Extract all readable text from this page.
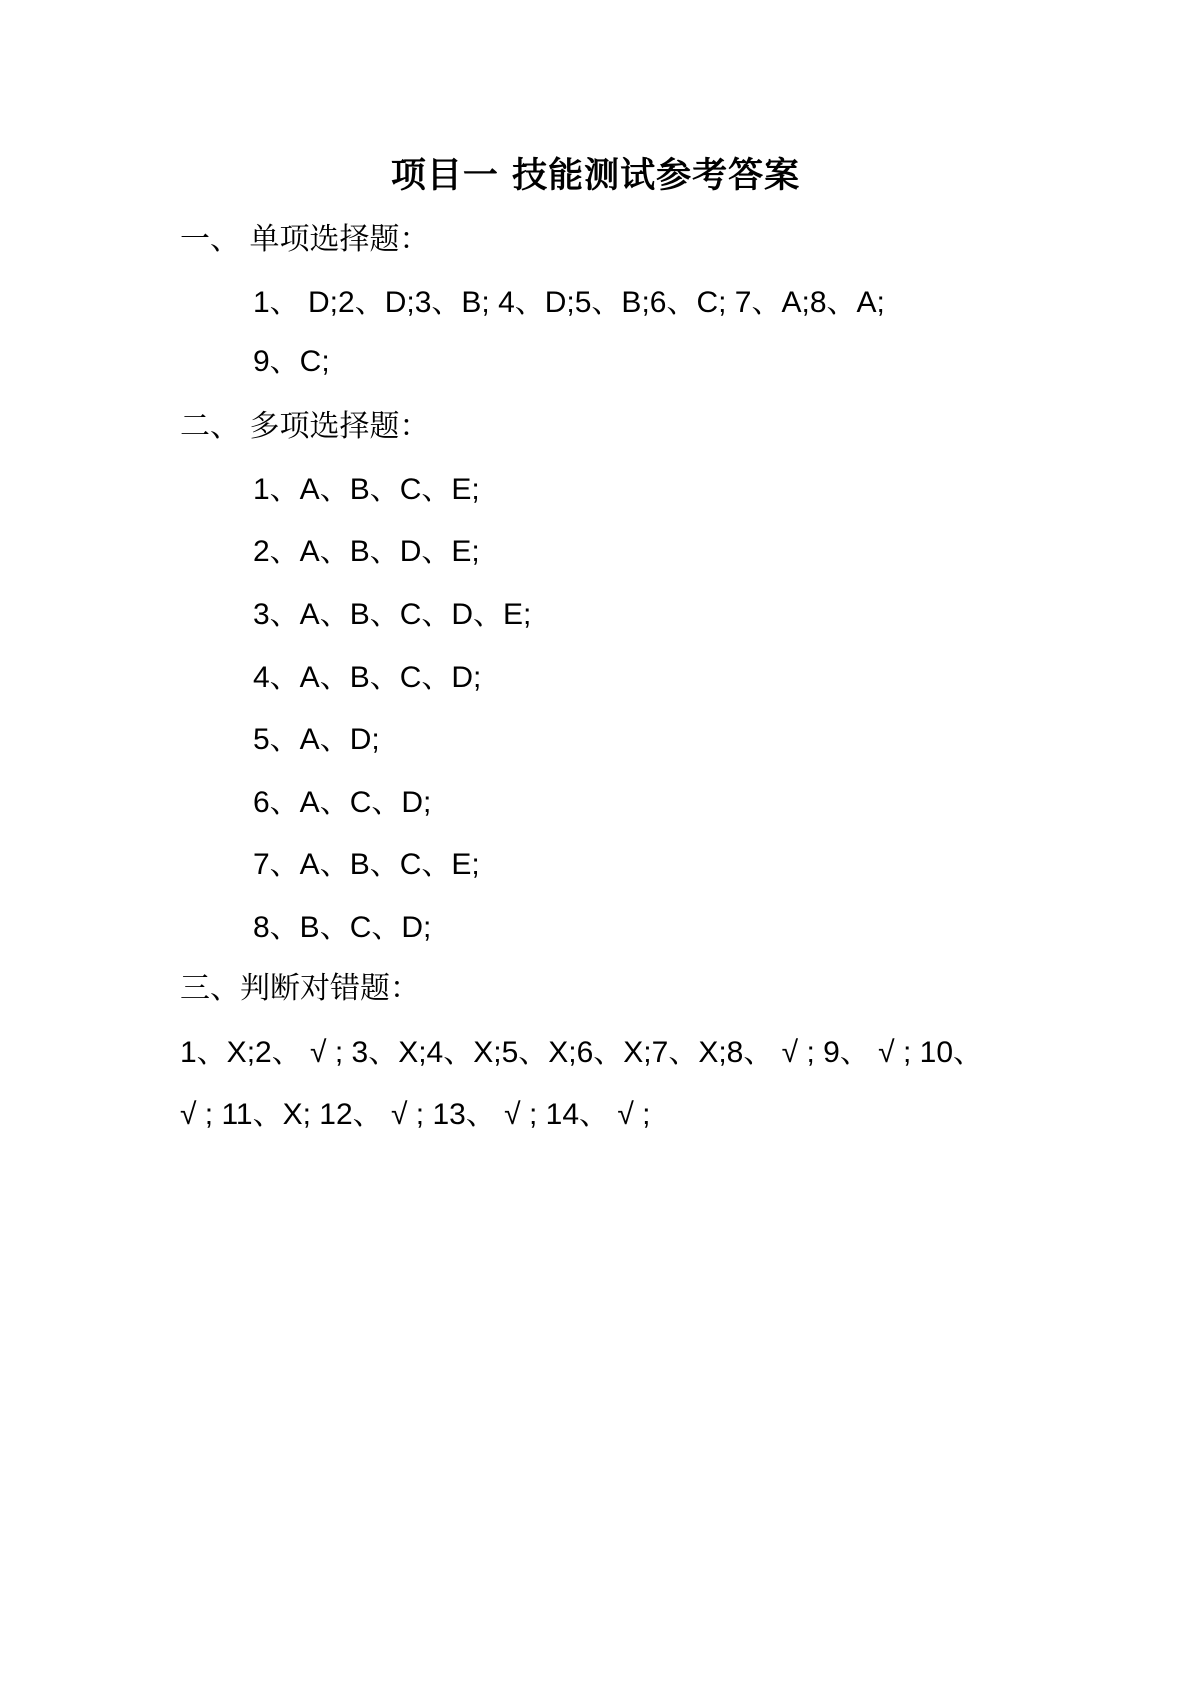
项目一 技能测试参考答案
一、 单项选择题：
1、 D;2、D;3、B; 4、D;5、B;6、C; 7、A;8、A;
9、C;
二、 多项选择题：
1、A、B、C、E;
2、A、B、D、E;
3、A、B、C、D、E;
4、A、B、C、D;
5、A、D;
6、A、C、D;
7、A、B、C、E;
8、B、C、D;
三、判断对错题：
1、X;2、 √ ; 3、X;4、X;5、X;6、X;7、X;8、 √ ; 9、 √ ; 10、
√ ; 11、X; 12、 √ ; 13、 √ ; 14、 √ ;
